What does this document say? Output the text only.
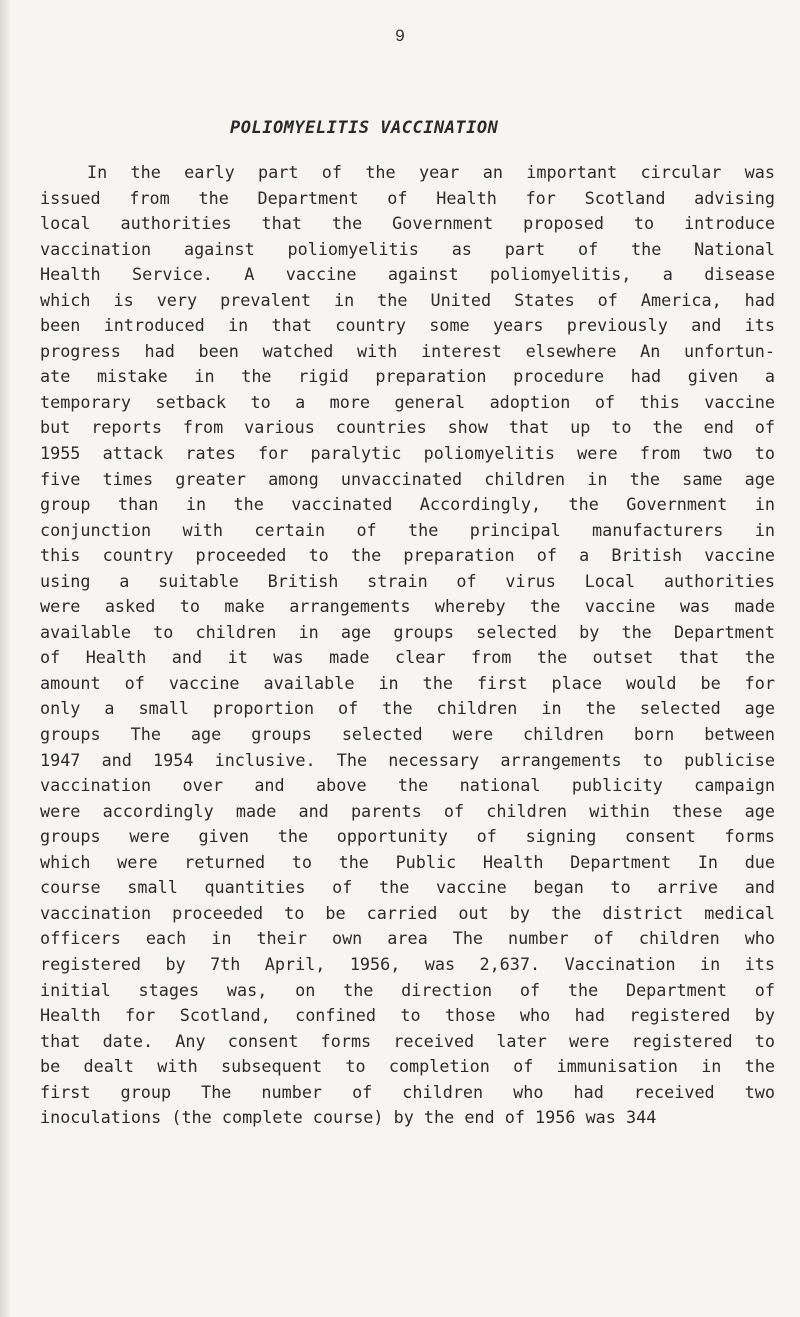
9
POLIOMYELITIS VACCINATION
In the early part of the year an important circular was
issued from the Department of Health for Scotland advising
local authorities that the Government proposed to introduce
vaccination against poliomyelitis as part of the National
Health Service. A vaccine against poliomyelitis, a disease
which is very prevalent in the United States of America, had
been introduced in that country some years previously and its
progress had been watched with interest elsewhere An unfortun-
ate mistake in the rigid preparation procedure had given a
temporary setback to a more general adoption of this vaccine
but reports from various countries show that up to the end of
1955 attack rates for paralytic poliomyelitis were from two to
five times greater among unvaccinated children in the same age
group than in the vaccinated Accordingly, the Government in
conjunction with certain of the principal manufacturers in
this country proceeded to the preparation of a British vaccine
using a suitable British strain of virus Local authorities
were asked to make arrangements whereby the vaccine was made
available to children in age groups selected by the Department
of Health and it was made clear from the outset that the
amount of vaccine available in the first place would be for
only a small proportion of the children in the selected age
groups The age groups selected were children born between
1947 and 1954 inclusive. The necessary arrangements to publicise
vaccination over and above the national publicity campaign
were accordingly made and parents of children within these age
groups were given the opportunity of signing consent forms
which were returned to the Public Health Department In due
course small quantities of the vaccine began to arrive and
vaccination proceeded to be carried out by the district medical
officers each in their own area The number of children who
registered by 7th April, 1956, was 2,637. Vaccination in its
initial stages was, on the direction of the Department of
Health for Scotland, confined to those who had registered by
that date. Any consent forms received later were registered to
be dealt with subsequent to completion of immunisation in the
first group The number of children who had received two
inoculations (the complete course) by the end of 1956 was 344
